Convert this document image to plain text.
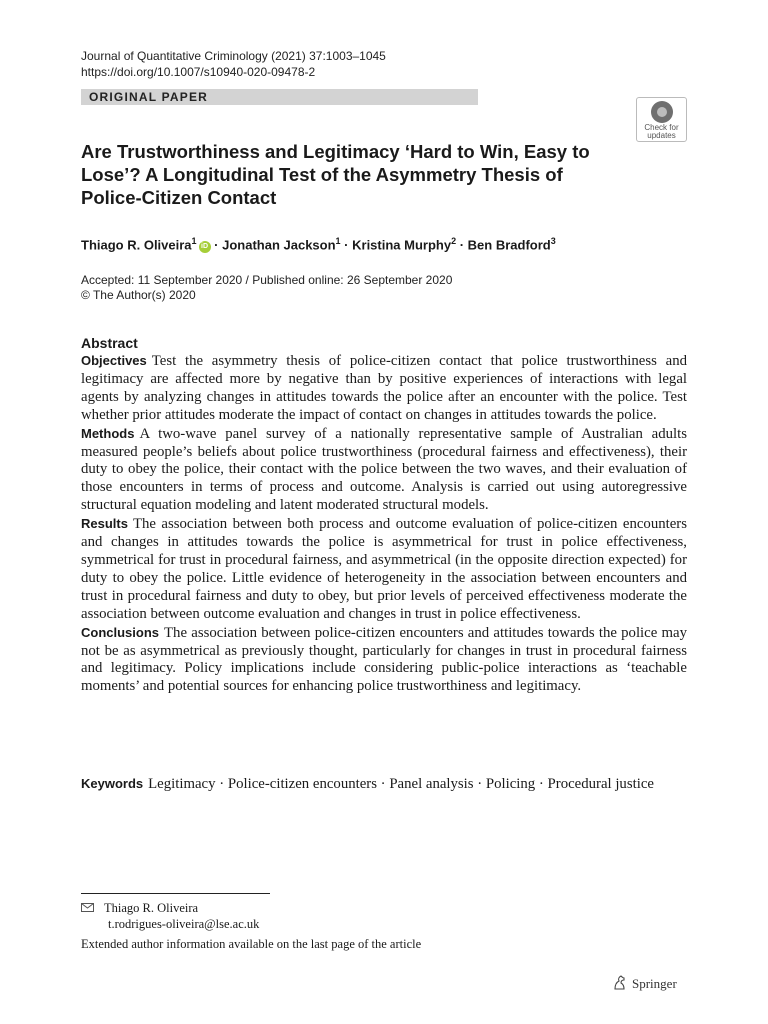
Journal of Quantitative Criminology (2021) 37:1003–1045
https://doi.org/10.1007/s10940-020-09478-2
ORIGINAL PAPER
Check for
updates
Are Trustworthiness and Legitimacy ‘Hard to Win, Easy to Lose’? A Longitudinal Test of the Asymmetry Thesis of Police-Citizen Contact
Thiago R. Oliveira$^1$iD · Jonathan Jackson$^1$ · Kristina Murphy$^2$ · Ben Bradford$^3$
Accepted: 11 September 2020 / Published online: 26 September 2020
© The Author(s) 2020
Abstract

Objectives Test the asymmetry thesis of police-citizen contact that police trustworthiness and legitimacy are affected more by negative than by positive experiences of interactions with legal agents by analyzing changes in attitudes towards the police after an encounter with the police. Test whether prior attitudes moderate the impact of contact on changes in attitudes towards the police.

Methods A two-wave panel survey of a nationally representative sample of Australian adults measured people’s beliefs about police trustworthiness (procedural fairness and effectiveness), their duty to obey the police, their contact with the police between the two waves, and their evaluation of those encounters in terms of process and outcome. Analysis is carried out using autoregressive structural equation modeling and latent moderated structural models.

Results The association between both process and outcome evaluation of police-citizen encounters and changes in attitudes towards the police is asymmetrical for trust in police effectiveness, symmetrical for trust in procedural fairness, and asymmetrical (in the opposite direction expected) for duty to obey the police. Little evidence of heterogeneity in the association between encounters and trust in procedural fairness and duty to obey, but prior levels of perceived effectiveness moderate the association between outcome evaluation and changes in trust in police effectiveness.

Conclusions The association between police-citizen encounters and attitudes towards the police may not be as asymmetrical as previously thought, particularly for changes in trust in procedural fairness and legitimacy. Policy implications include considering public-police interactions as ‘teachable moments’ and potential sources for enhancing police trustworthiness and legitimacy.

Keywords Legitimacy · Police-citizen encounters · Panel analysis · Policing · Procedural justice
Thiago R. Oliveira
t.rodrigues-oliveira@lse.ac.uk
Extended author information available on the last page of the article
Springer
